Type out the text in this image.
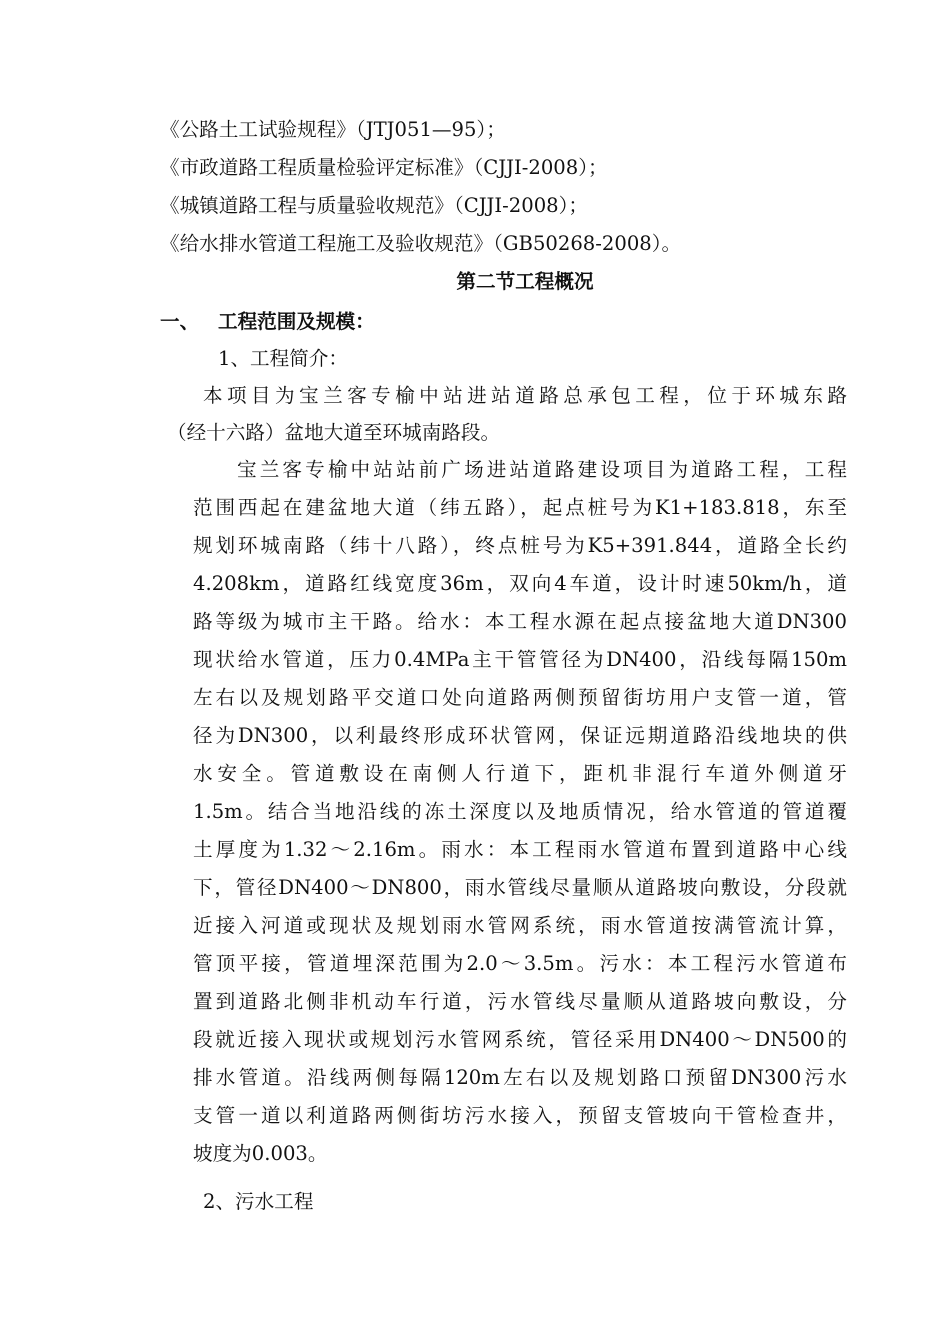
《公路土工试验规程》（JTJ051—95）；
《市政道路工程质量检验评定标准》（CJJI-2008）；
《城镇道路工程与质量验收规范》（CJJI-2008）；
《给水排水管道工程施工及验收规范》（GB50268-2008）。
第二节工程概况
一、 工程范围及规模：
1、工程简介：
本项目为宝兰客专榆中站进站道路总承包工程，位于环城东路
（经十六路）盆地大道至环城南路段。
宝兰客专榆中站站前广场进站道路建设项目为道路工程，工程
范围西起在建盆地大道（纬五路），起点桩号为K1+183.818，东至
规划环城南路（纬十八路），终点桩号为K5+391.844，道路全长约
4.208km，道路红线宽度36m，双向4车道，设计时速50km/h，道
路等级为城市主干路。给水：本工程水源在起点接盆地大道DN300
现状给水管道，压力0.4MPa主干管管径为DN400，沿线每隔150m
左右以及规划路平交道口处向道路两侧预留街坊用户支管一道，管
径为DN300，以利最终形成环状管网，保证远期道路沿线地块的供
水安全。管道敷设在南侧人行道下，距机非混行车道外侧道牙
1.5m。结合当地沿线的冻土深度以及地质情况，给水管道的管道覆
土厚度为1.32～2.16m。雨水：本工程雨水管道布置到道路中心线
下，管径DN400～DN800，雨水管线尽量顺从道路坡向敷设，分段就
近接入河道或现状及规划雨水管网系统，雨水管道按满管流计算，
管顶平接，管道埋深范围为2.0～3.5m。污水：本工程污水管道布
置到道路北侧非机动车行道，污水管线尽量顺从道路坡向敷设，分
段就近接入现状或规划污水管网系统，管径采用DN400～DN500的
排水管道。沿线两侧每隔120m左右以及规划路口预留DN300污水
支管一道以利道路两侧街坊污水接入，预留支管坡向干管检查井，
坡度为0.003。
2、污水工程
